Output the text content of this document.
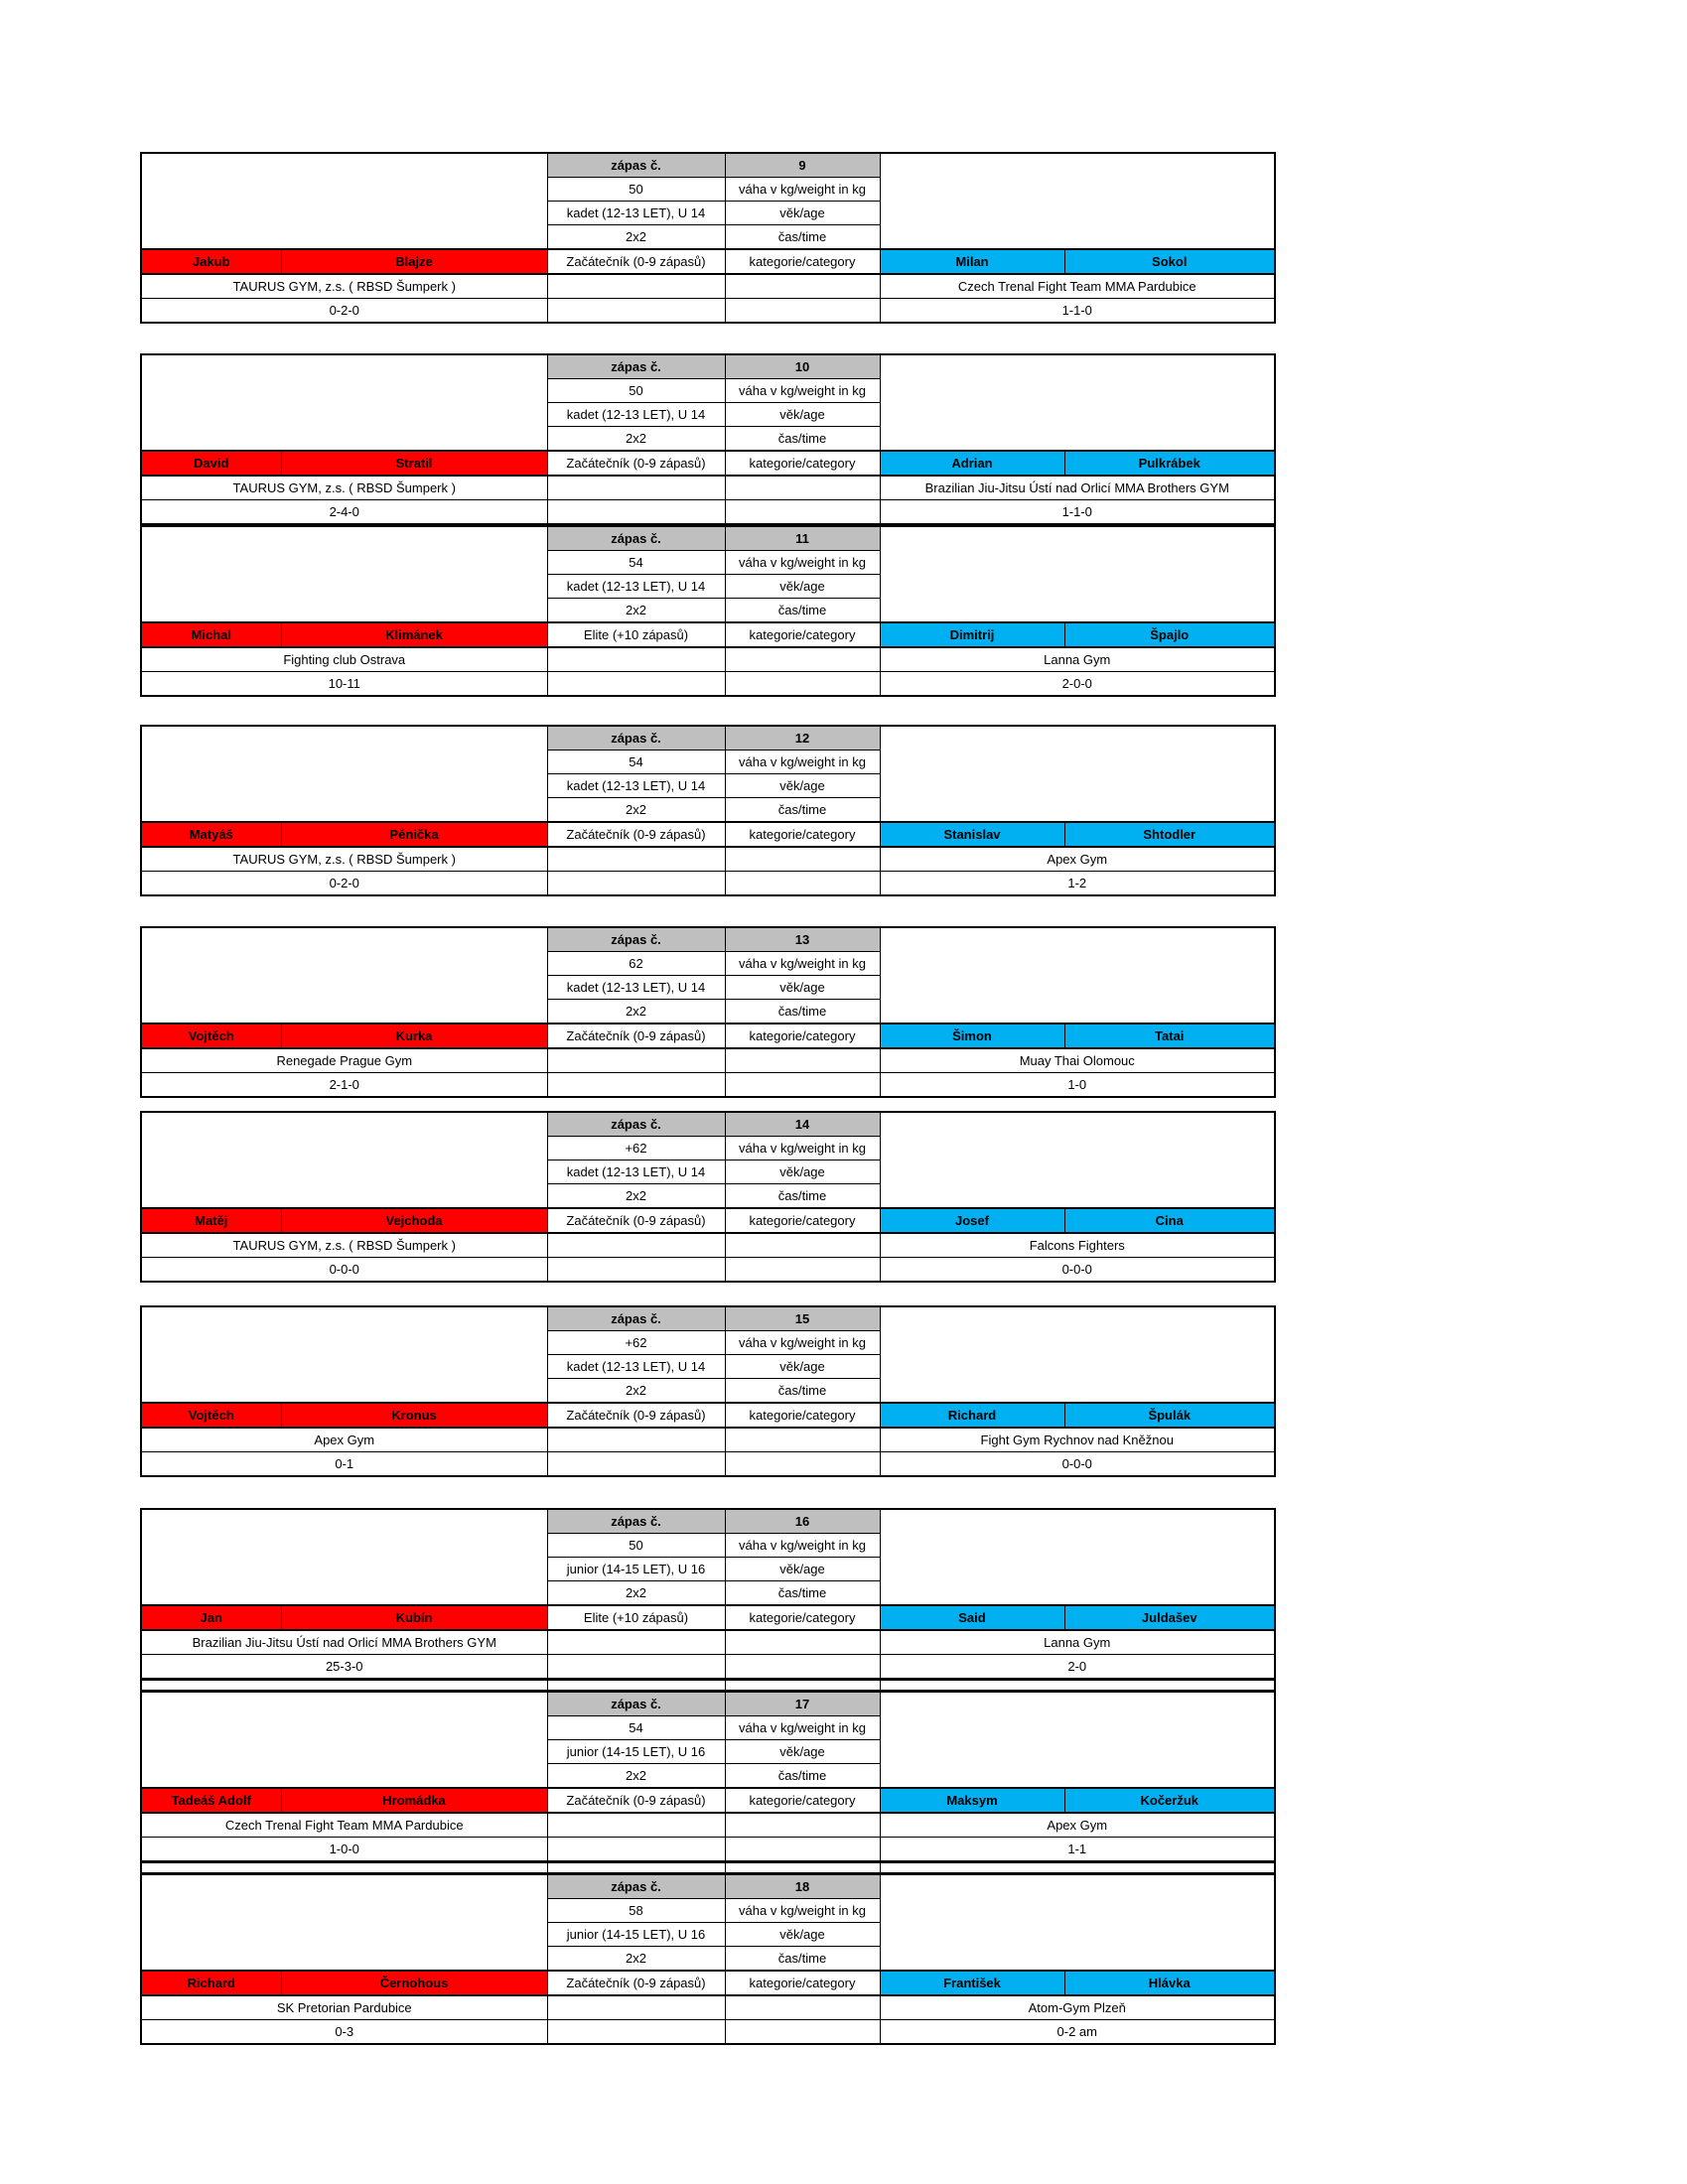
		zápas č.	9		
		50	váha v kg/weight in kg		
		kadet (12-13 LET), U 14	věk/age		
		2x2	čas/time		
Jakub	Blajze	Začátečník (0-9 zápasů)	kategorie/category	Milan	Sokol
TAURUS GYM, z.s. ( RBSD Šumperk )				Czech Trenal Fight Team MMA Pardubice	
0-2-0				1-1-0	
		zápas č.	10		
		50	váha v kg/weight in kg		
		kadet (12-13 LET), U 14	věk/age		
		2x2	čas/time		
David	Stratil	Začátečník (0-9 zápasů)	kategorie/category	Adrian	Pulkrábek
TAURUS GYM, z.s. ( RBSD Šumperk )				Brazilian Jiu-Jitsu Ústí nad Orlicí MMA Brothers GYM	
2-4-0				1-1-0	
		zápas č.	11		
		54	váha v kg/weight in kg		
		kadet (12-13 LET), U 14	věk/age		
		2x2	čas/time		
Michal	Klimánek	Elite (+10 zápasů)	kategorie/category	Dimitrij	Špajlo
Fighting club Ostrava				Lanna Gym	
10-11				2-0-0	
		zápas č.	12		
		54	váha v kg/weight in kg		
		kadet (12-13 LET), U 14	věk/age		
		2x2	čas/time		
Matyáš	Pěnička	Začátečník (0-9 zápasů)	kategorie/category	Stanislav	Shtodler
TAURUS GYM, z.s. ( RBSD Šumperk )				Apex Gym	
0-2-0				1-2	
		zápas č.	13		
		62	váha v kg/weight in kg		
		kadet (12-13 LET), U 14	věk/age		
		2x2	čas/time		
Vojtěch	Kurka	Začátečník (0-9 zápasů)	kategorie/category	Šimon	Tatai
Renegade Prague Gym				Muay Thai Olomouc	
2-1-0				1-0	
		zápas č.	14		
		+62	váha v kg/weight in kg		
		kadet (12-13 LET), U 14	věk/age		
		2x2	čas/time		
Matěj	Vejchoda	Začátečník (0-9 zápasů)	kategorie/category	Josef	Cina
TAURUS GYM, z.s. ( RBSD Šumperk )				Falcons Fighters	
0-0-0				0-0-0	
		zápas č.	15		
		+62	váha v kg/weight in kg		
		kadet (12-13 LET), U 14	věk/age		
		2x2	čas/time		
Vojtěch	Kronus	Začátečník (0-9 zápasů)	kategorie/category	Richard	Špulák
Apex Gym				Fight Gym Rychnov nad Kněžnou	
0-1				0-0-0	
		zápas č.	16		
		50	váha v kg/weight in kg		
		junior (14-15 LET), U 16	věk/age		
		2x2	čas/time		
Jan	Kubín	Elite (+10 zápasů)	kategorie/category	Said	Juldašev
Brazilian Jiu-Jitsu Ústí nad Orlicí MMA Brothers GYM				Lanna Gym	
25-3-0				2-0	

		zápas č.	17		
		54	váha v kg/weight in kg		
		junior (14-15 LET), U 16	věk/age		
		2x2	čas/time		
Tadeáš Adolf	Hromádka	Začátečník (0-9 zápasů)	kategorie/category	Maksym	Kočeržuk
Czech Trenal Fight Team MMA Pardubice				Apex Gym	
1-0-0				1-1	

		zápas č.	18		
		58	váha v kg/weight in kg		
		junior (14-15 LET), U 16	věk/age		
		2x2	čas/time		
Richard	Černohous	Začátečník (0-9 zápasů)	kategorie/category	František	Hlávka
SK Pretorian Pardubice				Atom-Gym Plzeň	
0-3				0-2 am	
